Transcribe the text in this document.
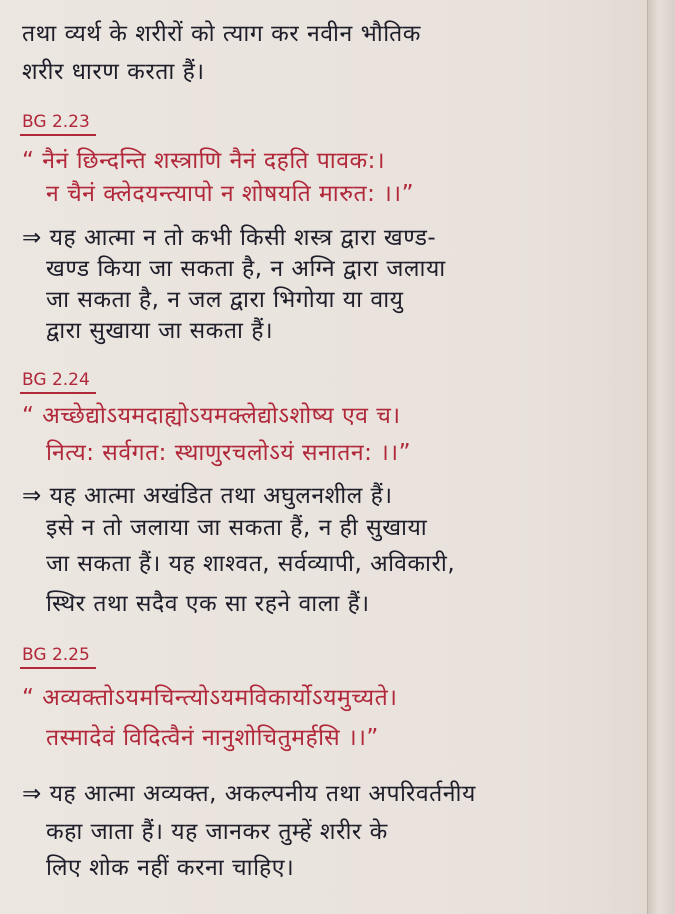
तथा व्यर्थ के शरीरों को त्याग कर नवीन भौतिक
शरीर धारण करता हैं।
BG 2.23
“ नैनं छिन्दन्ति शस्त्राणि नैनं दहति पावक:।
न चैनं क्लेदयन्त्यापो न शोषयति मारुत: ।।”
⇒ यह आत्मा न तो कभी किसी शस्त्र द्वारा खण्ड-
खण्ड किया जा सकता है, न अग्नि द्वारा जलाया
जा सकता है, न जल द्वारा भिगोया या वायु
द्वारा सुखाया जा सकता हैं।
BG 2.24
“ अच्छेद्योऽयमदाह्योऽयमक्लेद्योऽशोष्य एव च।
नित्य: सर्वगत: स्थाणुरचलोऽयं सनातन: ।।”
⇒ यह आत्मा अखंडित तथा अघुलनशील हैं।
इसे न तो जलाया जा सकता हैं, न ही सुखाया
जा सकता हैं। यह शाश्वत, सर्वव्यापी, अविकारी,
स्थिर तथा सदैव एक सा रहने वाला हैं।
BG 2.25
“ अव्यक्तोऽयमचिन्त्योऽयमविकार्योऽयमुच्यते।
तस्मादेवं विदित्वैनं नानुशोचितुमर्हसि ।।”
⇒ यह आत्मा अव्यक्त, अकल्पनीय तथा अपरिवर्तनीय
कहा जाता हैं। यह जानकर तुम्हें शरीर के
लिए शोक नहीं करना चाहिए।
